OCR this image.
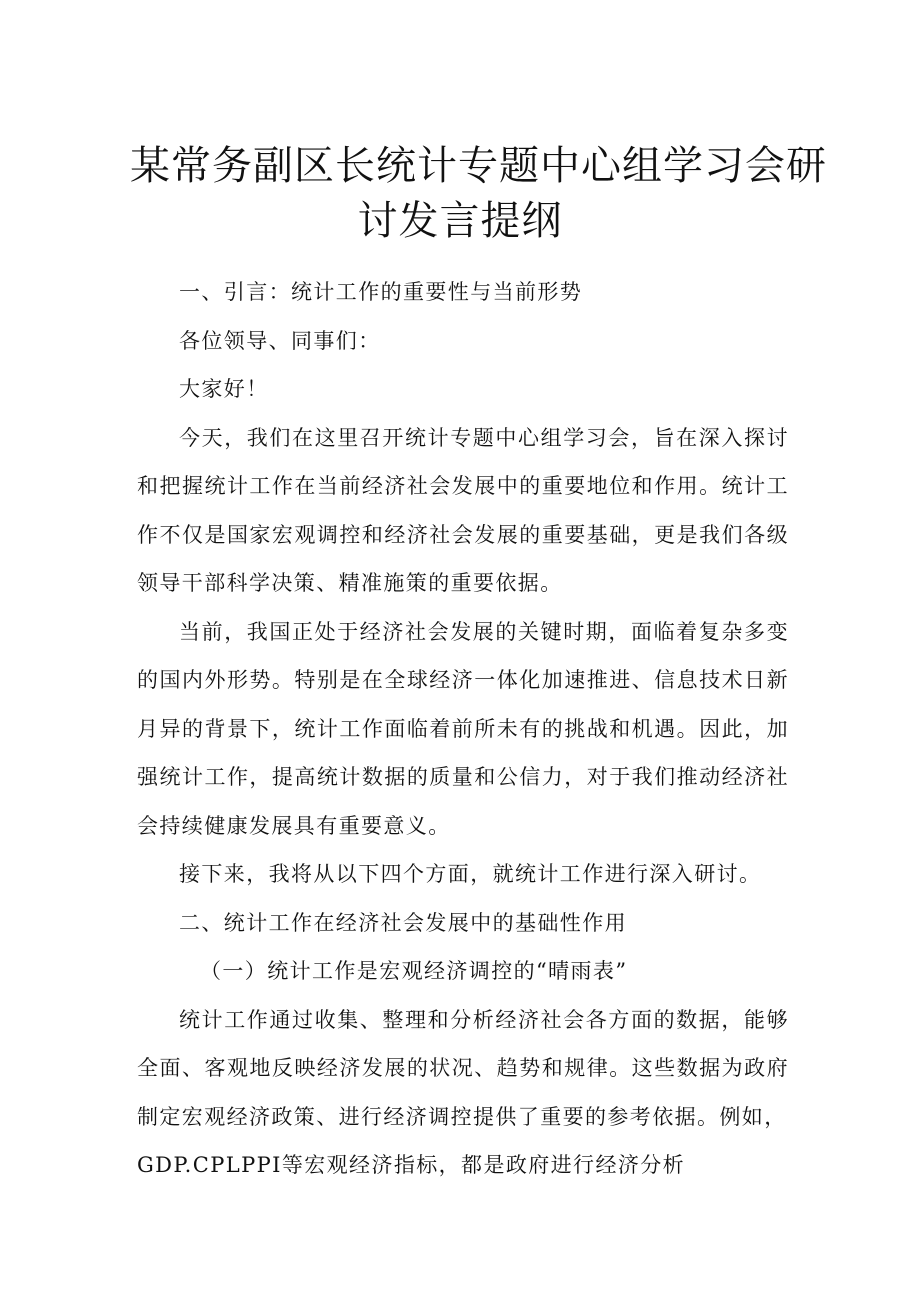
某常务副区长统计专题中心组学习会研
讨发言提纲

一、引言：统计工作的重要性与当前形势

各位领导、同事们：

大家好！

今天，我们在这里召开统计专题中心组学习会，旨在深入探讨和把握统计工作在当前经济社会发展中的重要地位和作用。统计工作不仅是国家宏观调控和经济社会发展的重要基础，更是我们各级领导干部科学决策、精准施策的重要依据。

当前，我国正处于经济社会发展的关键时期，面临着复杂多变的国内外形势。特别是在全球经济一体化加速推进、信息技术日新月异的背景下，统计工作面临着前所未有的挑战和机遇。因此，加强统计工作，提高统计数据的质量和公信力，对于我们推动经济社会持续健康发展具有重要意义。

接下来，我将从以下四个方面，就统计工作进行深入研讨。

二、统计工作在经济社会发展中的基础性作用

（一）统计工作是宏观经济调控的“晴雨表”

统计工作通过收集、整理和分析经济社会各方面的数据，能够全面、客观地反映经济发展的状况、趋势和规律。这些数据为政府制定宏观经济政策、进行经济调控提供了重要的参考依据。例如，

GDP.CPLPPI等宏观经济指标，都是政府进行经济分析
